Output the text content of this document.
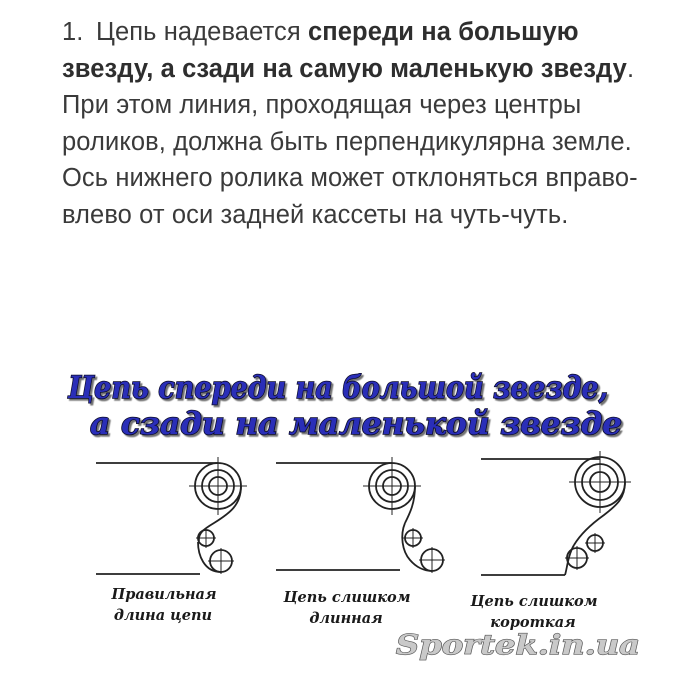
1. Цепь надевается спереди на большую звезду, а сзади на самую маленькую звезду. При этом линия, проходящая через центры роликов, должна быть перпендикулярна земле. Ось нижнего ролика может отклоняться вправо-влево от оси задней кассеты на чуть-чуть.
Цепь спереди на большой звезде,
а сзади на маленькой звезде
Правильная
длина цепи
Цепь слишком
длинная
Цепь слишком
короткая
Sportek.in.ua
